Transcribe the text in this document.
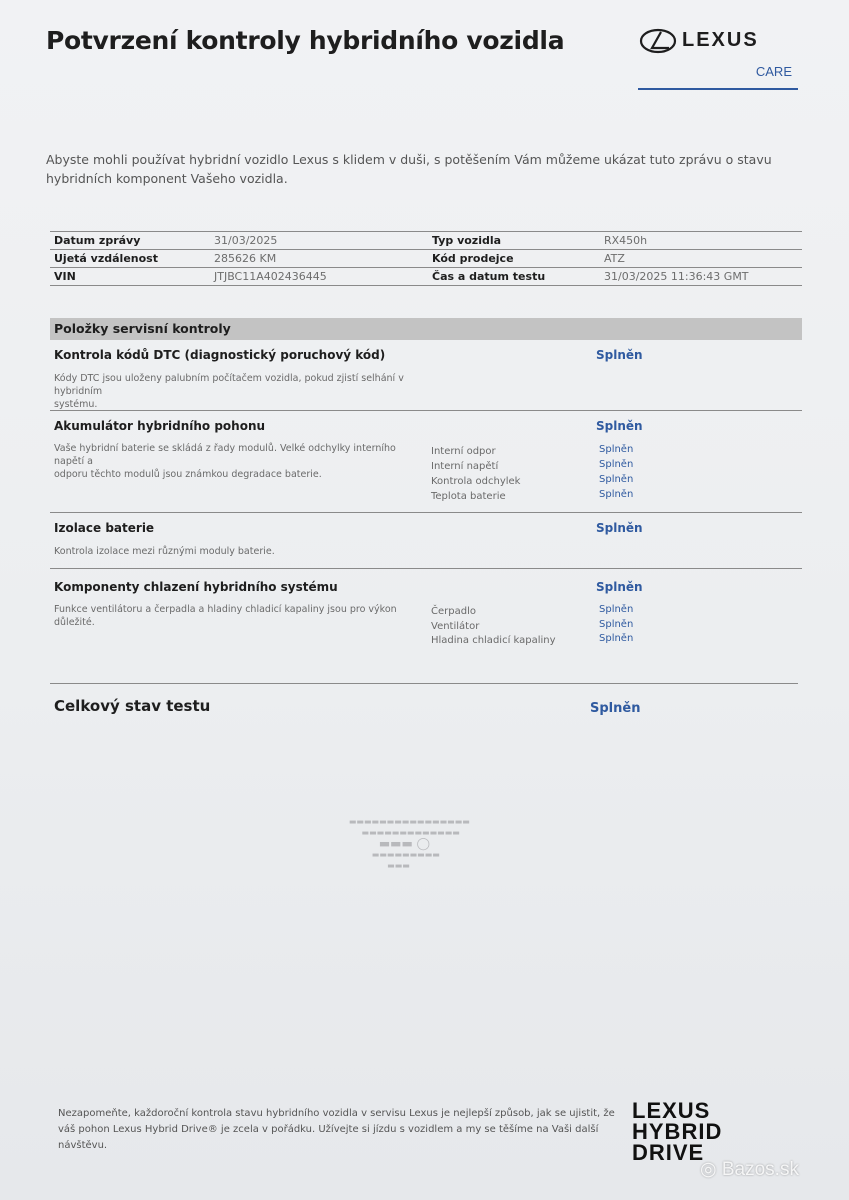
Potvrzení kontroly hybridního vozidla	LEXUS
CARE
Abyste mohli používat hybridní vozidlo Lexus s klidem v duši, s potěšením Vám můžeme ukázat tuto zprávu o stavu hybridních komponent Vašeho vozidla.
Datum zprávy	31/03/2025	Typ vozidla	RX450h
Ujetá vzdálenost	285626 KM	Kód prodejce	ATZ
VIN	JTJBC11A402436445	Čas a datum testu	31/03/2025 11:36:43 GMT
Položky servisní kontroly
Kontrola kódů DTC (diagnostický poruchový kód)	Splněn
Kódy DTC jsou uloženy palubním počítačem vozidla, pokud zjistí selhání v hybridním
systému.
Akumulátor hybridního pohonu	Splněn
Vaše hybridní baterie se skládá z řady modulů. Velké odchylky interního napětí a
odporu těchto modulů jsou známkou degradace baterie.
Interní odpor	Splněn
Interní napětí	Splněn
Kontrola odchylek	Splněn
Teplota baterie	Splněn
Izolace baterie	Splněn
Kontrola izolace mezi různými moduly baterie.
Komponenty chlazení hybridního systému	Splněn
Funkce ventilátoru a čerpadla a hladiny chladicí kapaliny jsou pro výkon důležité.
Čerpadlo	Splněn
Ventilátor	Splněn
Hladina chladicí kapaliny	Splněn
Celkový stav testu	Splněn
▬▬▬
▬▬▬▬▬▬▬▬▬
◯ ▬▬▬
▬▬▬▬▬▬▬▬▬▬▬▬▬
▬▬▬▬▬▬▬▬▬▬▬▬▬▬▬▬
Nezapomeňte, každoroční kontrola stavu hybridního vozidla v servisu Lexus je nejlepší způsob, jak se ujistit, že váš pohon Lexus Hybrid Drive® je zcela v pořádku. Užívejte si jízdu s vozidlem a my se těšíme na Vaši další návštěvu.
LEXUS
HYBRID
DRIVE
◎ Bazos.sk
